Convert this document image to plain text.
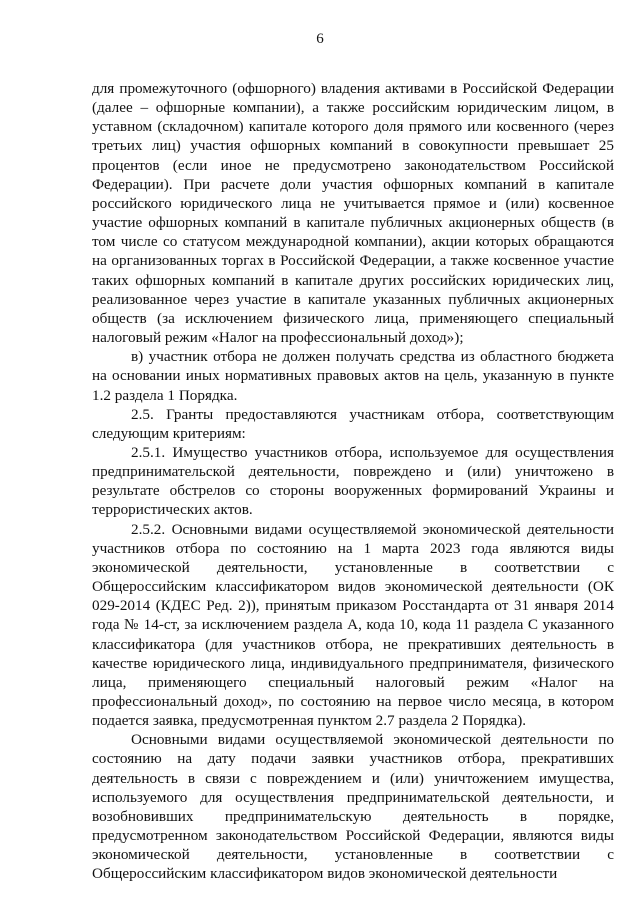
6

для промежуточного (офшорного) владения активами в Российской Федерации (далее – офшорные компании), а также российским юридическим лицом, в уставном (складочном) капитале которого доля прямого или косвенного (через третьих лиц) участия офшорных компаний в совокупности превышает 25 процентов (если иное не предусмотрено законодательством Российской Федерации). При расчете доли участия офшорных компаний в капитале российского юридического лица не учитывается прямое и (или) косвенное участие офшорных компаний в капитале публичных акционерных обществ (в том числе со статусом международной компании), акции которых обращаются на организованных торгах в Российской Федерации, а также косвенное участие таких офшорных компаний в капитале других российских юридических лиц, реализованное через участие в капитале указанных публичных акционерных обществ (за исключением физического лица, применяющего специальный налоговый режим «Налог на профессиональный доход»);

в) участник отбора не должен получать средства из областного бюджета на основании иных нормативных правовых актов на цель, указанную в пункте 1.2 раздела 1 Порядка.

2.5. Гранты предоставляются участникам отбора, соответствующим следующим критериям:

2.5.1. Имущество участников отбора, используемое для осуществления предпринимательской деятельности, повреждено и (или) уничтожено в результате обстрелов со стороны вооруженных формирований Украины и террористических актов.

2.5.2. Основными видами осуществляемой экономической деятельности участников отбора по состоянию на 1 марта 2023 года являются виды экономической деятельности, установленные в соответствии с Общероссийским классификатором видов экономической деятельности (ОК 029-2014 (КДЕС Ред. 2)), принятым приказом Росстандарта от 31 января 2014 года № 14-ст, за исключением раздела А, кода 10, кода 11 раздела С указанного классификатора (для участников отбора, не прекративших деятельность в качестве юридического лица, индивидуального предпринимателя, физического лица, применяющего специальный налоговый режим «Налог на профессиональный доход», по состоянию на первое число месяца, в котором подается заявка, предусмотренная пунктом 2.7 раздела 2 Порядка).

Основными видами осуществляемой экономической деятельности по состоянию на дату подачи заявки участников отбора, прекративших деятельность в связи с повреждением и (или) уничтожением имущества, используемого для осуществления предпринимательской деятельности, и возобновивших предпринимательскую деятельность в порядке, предусмотренном законодательством Российской Федерации, являются виды экономической деятельности, установленные в соответствии с Общероссийским классификатором видов экономической деятельности
